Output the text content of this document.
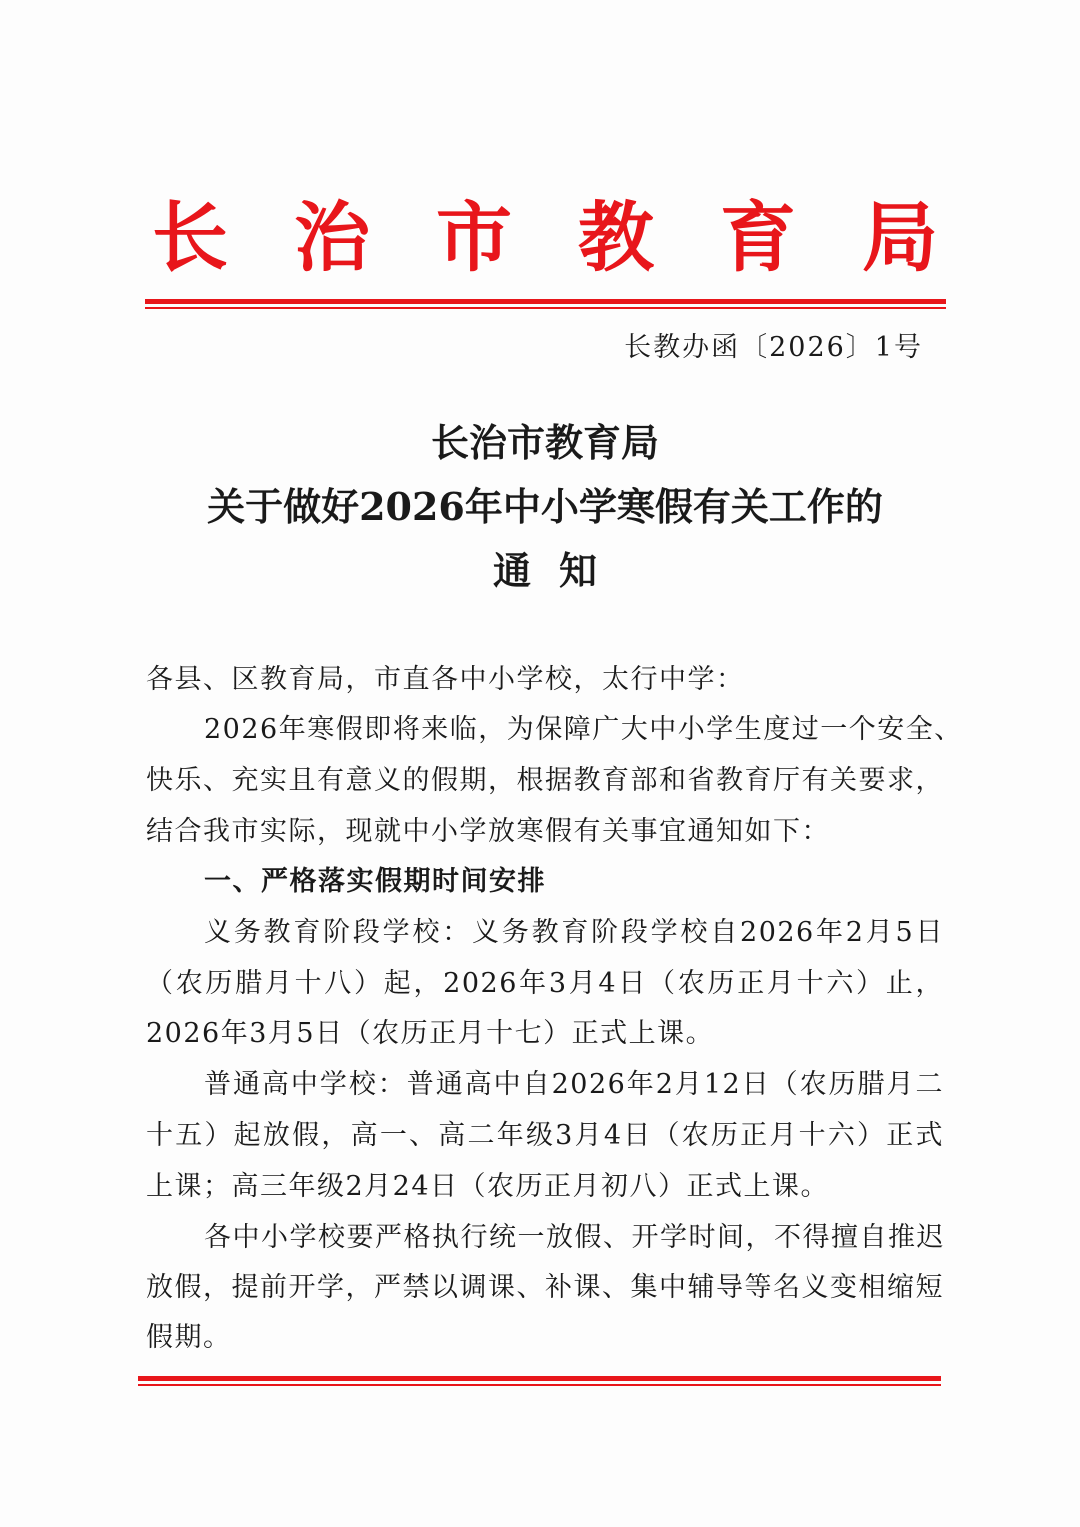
长 治 市 教 育 局
长教办函〔2026〕1号
长治市教育局
关于做好2026年中小学寒假有关工作的
通知
各县、区教育局，市直各中小学校，太行中学：
2026年寒假即将来临，为保障广大中小学生度过一个安全、
快乐、充实且有意义的假期，根据教育部和省教育厅有关要求，
结合我市实际，现就中小学放寒假有关事宜通知如下：
一、严格落实假期时间安排
义务教育阶段学校：义务教育阶段学校自2026年2月5日
（农历腊月十八）起，2026年3月4日（农历正月十六）止，
2026年3月5日（农历正月十七）正式上课。
普通高中学校：普通高中自2026年2月12日（农历腊月二
十五）起放假，高一、高二年级3月4日（农历正月十六）正式
上课；高三年级2月24日（农历正月初八）正式上课。
各中小学校要严格执行统一放假、开学时间，不得擅自推迟
放假，提前开学，严禁以调课、补课、集中辅导等名义变相缩短
假期。
